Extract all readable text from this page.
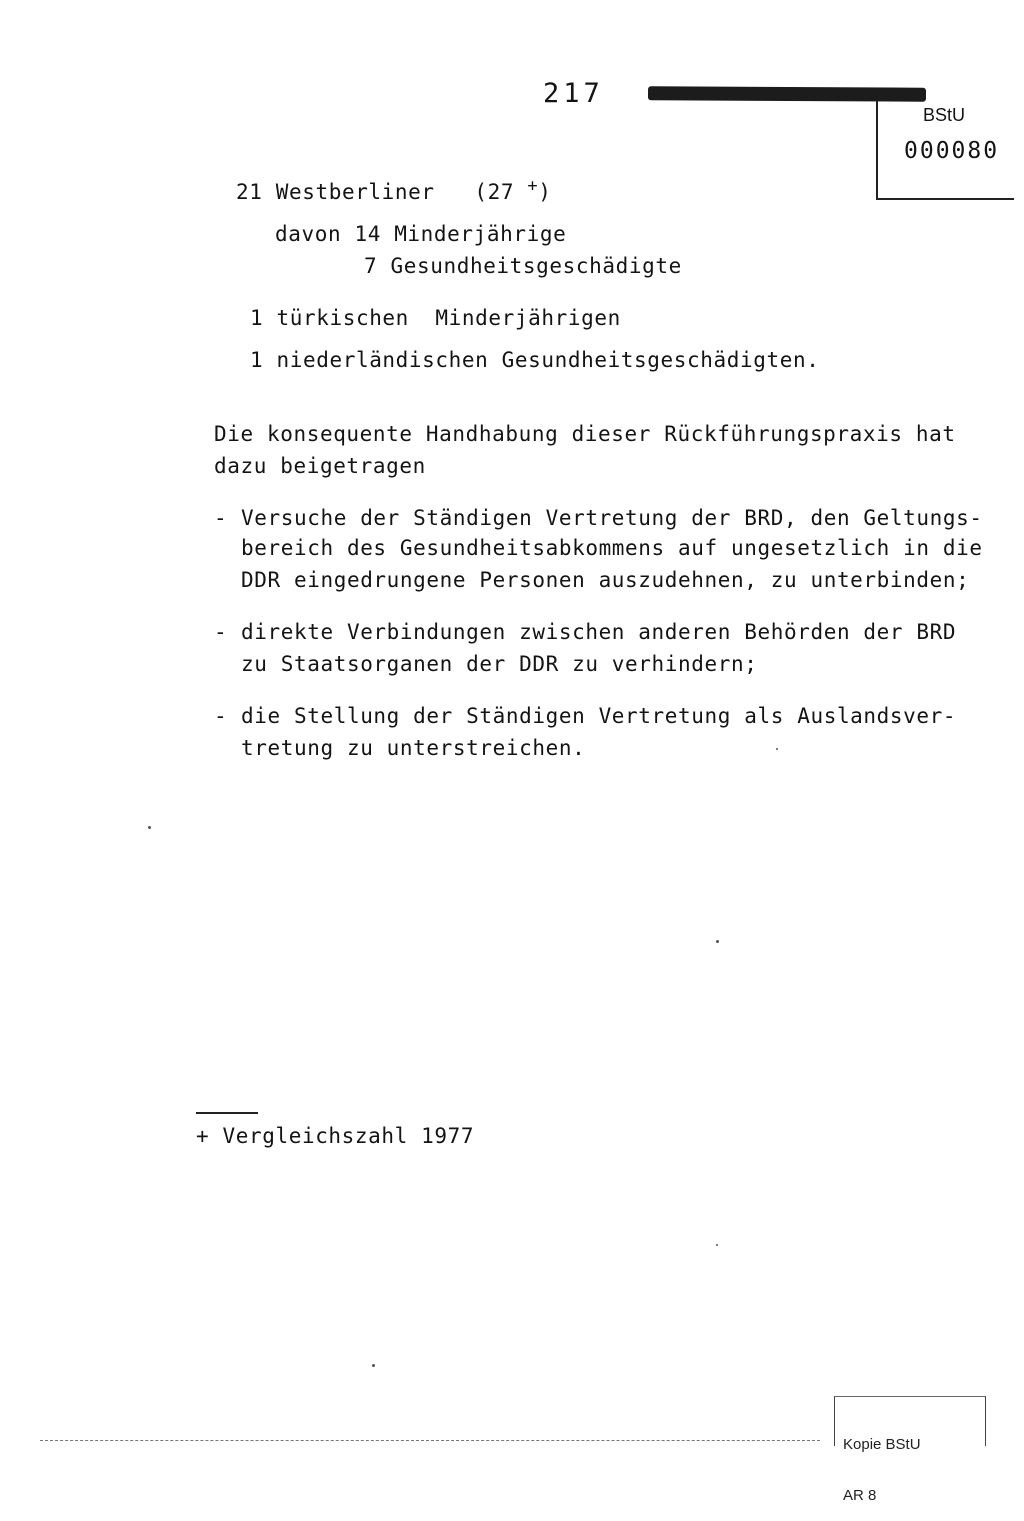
217
BStU
000080
21 Westberliner (27 +)
davon 14 Minderjährige
7 Gesundheitsgeschädigte
1 türkischen  Minderjährigen
1 niederländischen Gesundheitsgeschädigten.
Die konsequente Handhabung dieser Rückführungspraxis hat
dazu beigetragen
- Versuche der Ständigen Vertretung der BRD, den Geltungs-
bereich des Gesundheitsabkommens auf ungesetzlich in die
DDR eingedrungene Personen auszudehnen, zu unterbinden;
- direkte Verbindungen zwischen anderen Behörden der BRD
zu Staatsorganen der DDR zu verhindern;
- die Stellung der Ständigen Vertretung als Auslandsver-
tretung zu unterstreichen.
+ Vergleichszahl 1977

Kopie BStU

AR 8
